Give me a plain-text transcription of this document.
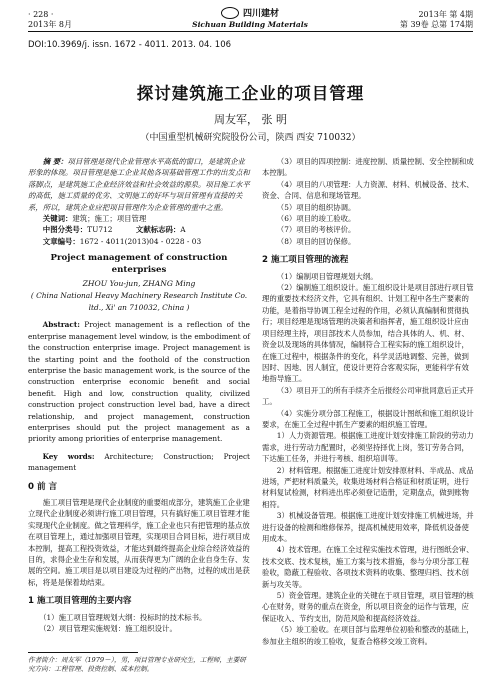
· 228 ·
2013年 8月
四川建材
Sichuan Building Materials
2013年 第 4期
第 39卷 总第 174期
DOI:10.3969/j. issn. 1672 - 4011. 2013. 04. 106
探讨建筑施工企业的项目管理
周友军， 张 明
（中国重型机械研究院股份公司，陕西 西安 710032）

摘 要：项目管理是现代企业管理水平高低的窗口，是建筑企业形象的体现。项目管理是施工企业其他各项基础管理工作的出发点和落脚点，是建筑施工企业经济效益和社会效益的源泉。项目施工水平的高低，施工质量的优劣、文明施工的好坏与项目管理有直接的关系，所以，建筑企业应把项目管理作为企业管理的重中之重。

关键词：建筑；施工；项目管理

中图分类号：TU712	文献标志码：A

文章编号：1672 - 4011(2013)04 - 0228 - 03

Project management of construction enterprises

ZHOU You-jun, ZHANG Ming

( China National Heavy Machinery Research Institute Co. ltd., Xi' an 710032, China )

Abstract: Project management is a reflection of the enterprise management level window, is the embodiment of the construction enterprise image. Project management is the starting point and the foothold of the construction enterprise the basic management work, is the source of the construction enterprise economic benefit and social benefit. High and low, construction quality, civilized construction project construction level bad, have a direct relationship, and project management, construction enterprises should put the project management as a priority among priorities of enterprise management.

Key words: Architecture; Construction; Project management

0 前 言

施工项目管理是现代企业制度的重要组成部分，建筑施工企业建立现代企业制度必须讲行施工项目管理，只有搞好施工项目管理才能实现现代企业制度。做之管理科学，施工企业也只有把管理的基点放在项目管理上，通过加强项目管理，实现项目合同目标，进行项目成本控制，提高工程投资效益，才能达到最终提高企业综合经济效益的目的，求得企业生存和发展，从而获得更为广阔的企业自身生存、发展的空间。施工项目是以项目建设为过程的产出物，过程的成出是获标，将是是保着劫结束。

1 施工项目管理的主要内容

（1）施工项目管理规划大纲：投标时的技术标书。

（2）项目管理实施规划：施工组织设计。

作者简介：周友军（1979－），男，项目管理专业研究生，工程师，主要研究方向：工程管理、投资控制、成本控制。

（3）项目的四项控制：进度控制、质量控制、安全控制和成本控制。

（4）项目的八项管理：人力资源、材料、机械设备、技术、资金、合同、信息和现场管理。

（5）项目的组织协调。

（6）项目的竣工验收。

（7）项目的考核评价。

（8）项目的回访保修。

2 施工项目管理的流程

（1）编制项目管理规划大纲。

（2）编制施工组织设计。施工组织设计是项目部进行项目管理的重要技术经济文件，它具有组织、计划工程中各生产要素的功能，是着指导协调工程全过程的作用，必须认真编制和贯彻执行；项目经理是现场管理的决策者和指挥者，施工组织设计应由项目经理主持，项目部技术人员参加，结合具体的人、机、材、资金以及现场的具体情况，编制符合工程实际的施工组织设计，在施工过程中，根据条件的变化，科学灵活地调整、完善，做到因时、因地、因人制宜，使设计更符合客观实际，更能科学有效地指导施工。

（3）项目开工的所有手续齐全后报经公司审批同意后正式开工。

（4）实施分项分部工程施工，根据设计图纸和施工组织设计要求，在施工全过程中抓生产要素的组织施工管理。

1）人力资源管理。根据施工进度计划安排施工阶段的劳动力需求，进行劳动力配置时，必须坚持择优上岗，签订劳务合同，下达施工任务，并进行考核、组织培训等。

2）材料管理。根据施工进度计划安排原材料、半成品、成品进场，严把材料质量关，收集进场材料合格证和材质证明，进行材料复试检测，材料进出库必须登记造册，定期盘点，做到账物相符。

3）机械设备管理。根据施工进度计划安排施工机械进场，并进行设备的检测和维修保养，提高机械使用效率，降低机设备使用成本。

4）技术管理。在施工全过程实施技术管理，进行图纸会审、技术交底、技术复核，施工方案与技术措施，参与分项分部工程验收，隐蔽工程验收、各项技术资料的收集、整理归档、技术创新与攻关等。

5）资金管理。建筑企业的关键在于项目管理，项目管理的核心在财务，财务的重点在资金，所以项目资金的运作与管理，应保证收入、节约支出，防范风险和提高经济效益。

（5）竣工验收。在项目部与监理单位初验和整改的基础上，参加业主组织的竣工验收，复查合格移交竣工资料。
